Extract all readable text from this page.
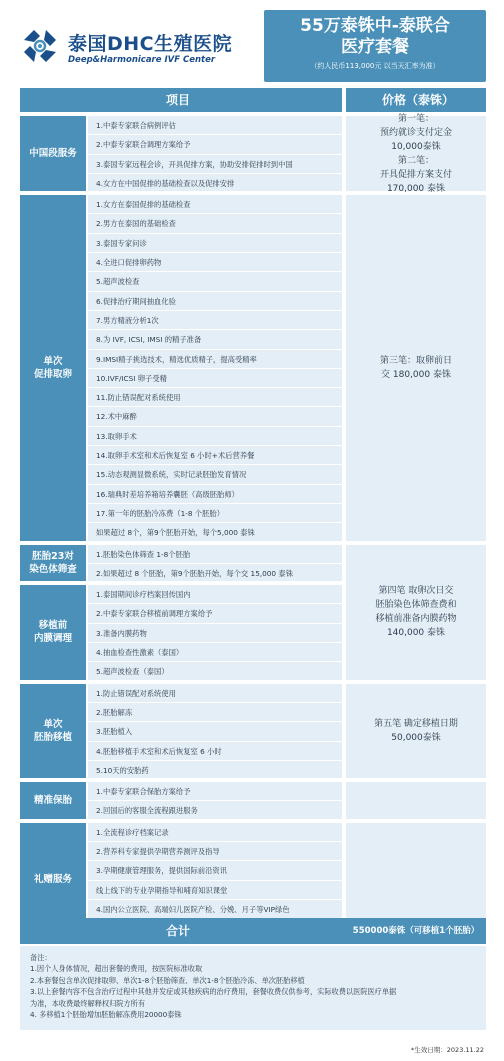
泰国DHC生殖医院
Deep&Harmonicare IVF Center
55万泰铢中-泰联合
医疗套餐
（约人民币113,000元 以当天汇率为准）
项目	价格（泰铢）
中国段服务
1.中泰专家联合病例评估
2.中泰专家联合调理方案给予
3.泰国专家远程会诊，开具促排方案，协助安排促排时到中国
4.女方在中国促排的基础检查以及促排安排
单次
促排取卵
1.女方在泰国促排的基础检查
2.男方在泰国的基础检查
3.泰国专家问诊
4.全进口促排卵药物
5.超声波检查
6.促排治疗期间抽血化验
7.男方精液分析1次
8.为 IVF, ICSI, IMSI 的精子准备
9.IMSI精子挑选技术，精选优质精子，提高受精率
10.IVF/ICSI 卵子受精
11.防止错误配对系统使用
12.术中麻醉
13.取卵手术
14.取卵手术室和术后恢复室 6 小时+术后营养餐
15.动态观测显微系统，实时记录胚胎发育情况
16.瑞典时差培养箱培养囊胚（高级胚胎师）
17.第一年的胚胎冷冻费（1-8 个胚胎）
如果超过 8个，第9个胚胎开始，每个5,000 泰铢
胚胎23对
染色体筛查
1.胚胎染色体筛查 1-8个胚胎
2.如果超过 8 个胚胎，第9个胚胎开始，每个交 15,000 泰铢
移植前
内膜调理
1.泰国期间诊疗档案回传国内
2.中泰专家联合移植前调理方案给予
3.准备内膜药物
4.抽血检查性激素（泰国）
5.超声波检查（泰国）
单次
胚胎移植
1.防止错误配对系统使用
2.胚胎解冻
3.胚胎植入
4.胚胎移植手术室和术后恢复室 6 小时
5.10天的安胎药
精准保胎
1.中泰专家联合保胎方案给予
2.回国后的客服全流程跟进服务
礼赠服务
1.全流程诊疗档案记录
2.营养科专家提供孕期营养测评及指导
3.孕期健康管理服务，提供国际前沿资讯
线上线下的专业孕期指导和哺育知识课堂
4.国内公立医院、高端妇儿医院产检、分娩、月子等VIP绿色
第一笔：
预约就诊支付定金
10,000泰铢
第二笔：
开具促排方案支付
170,000 泰铢
第三笔：取卵前日
交 180,000 泰铢
第四笔 取卵次日交
胚胎染色体筛查费和
移植前准备内膜药物
140,000 泰铢
第五笔 确定移植日期
50,000泰铢
合计	550000泰铢（可移植1个胚胎）
备注：
1.因个人身体情况，超出套餐的费用，按医院标准收取
2.本套餐包含单次促排取卵、单次1-8个胚胎筛查、单次1-8个胚胎冷冻、单次胚胎移植
3.以上套餐内容不包含治疗过程中其他并发症或其他疾病的治疗费用，套餐收费仅供参考，实际收费以医院医疗单据
为准，本收费最终解释权归院方所有
4. 多移植1个胚胎增加胚胎解冻费用20000泰铢
*生效日期：2023.11.22
